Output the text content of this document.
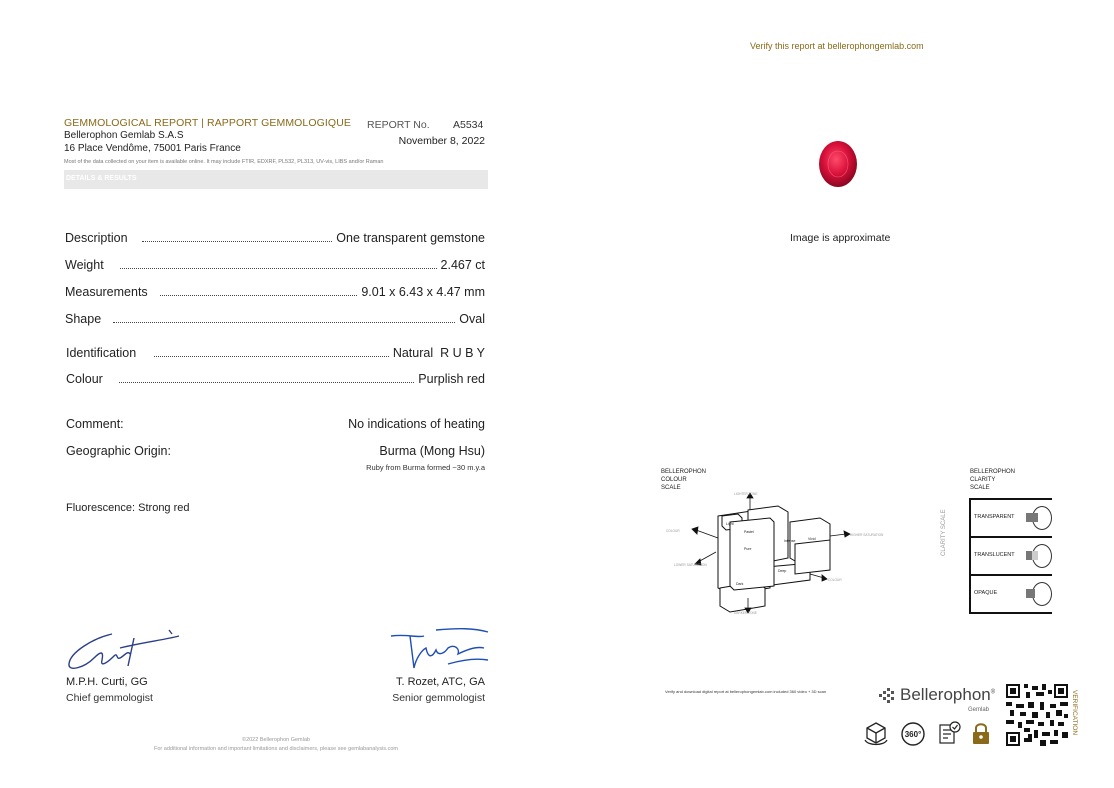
Verify this report at bellerophongemlab.com
GEMMOLOGICAL REPORT | RAPPORT GEMMOLOGIQUE
Bellerophon Gemlab S.A.S
16 Place Vendôme, 75001 Paris France
Most of the data collected on your item is available online. It may include FTIR, EDXRF, PL532, PL313, UV-vis, LIBS and/or Raman
REPORT No. A5534
November 8, 2022
DETAILS & RESULTS
Description	One transparent gemstone
Weight	2.467 ct
Measurements	9.01 x 6.43 x 4.47 mm
Shape	Oval
Identification	Natural  R U B Y
Colour	Purplish red
Comment:	No indications of heating
Geographic Origin:	Burma (Mong Hsu)
Ruby from Burma formed ~30 m.y.a
Fluorescence: Strong red
M.P.H. Curti, GG
Chief gemmologist
T. Rozet, ATC, GA
Senior gemmologist
©2022 Bellerophon Gemlab
For additional information and important limitations and disclaimers, please see gemlabanalysis.com
Image is approximate
BELLEROPHON
COLOUR
SCALE
Light
Pastel
Intense	Vivid
Pure
Deep
Dark
LIGHTER TONE
DARKER TONE
COLOUR
COLOUR
HIGHER SATURATION
LOWER SATURATION
BELLEROPHON
CLARITY
SCALE
CLARITY SCALE	TRANSPARENT
TRANSLUCENT
OPAQUE
Verify and download digital report at bellerophongemlab.com included 360 video + 3D scan	Bellerophon®
Gemlab	VERIFICATION
360°
